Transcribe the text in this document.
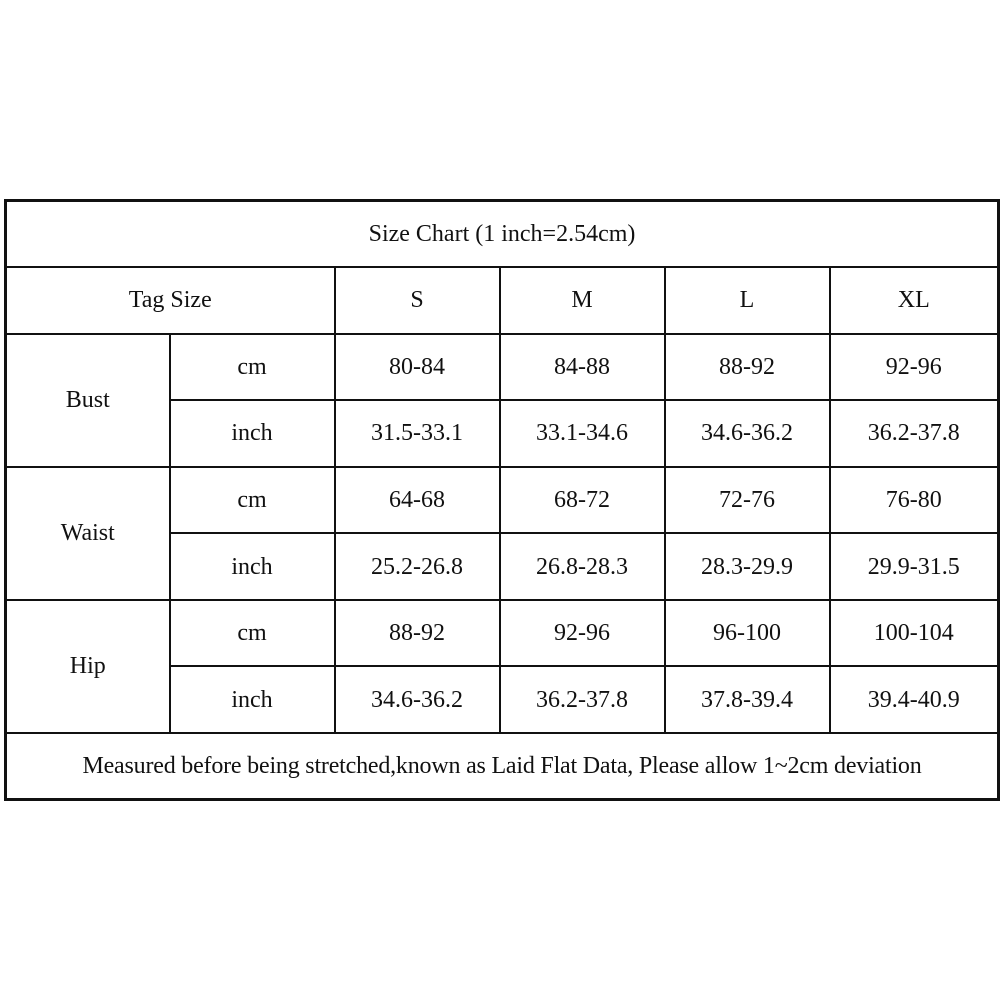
Size Chart (1 inch=2.54cm)					
Tag Size		S	M	L	XL
Bust	cm	80-84	84-88	88-92	92-96
	inch	31.5-33.1	33.1-34.6	34.6-36.2	36.2-37.8
Waist	cm	64-68	68-72	72-76	76-80
	inch	25.2-26.8	26.8-28.3	28.3-29.9	29.9-31.5
Hip	cm	88-92	92-96	96-100	100-104
	inch	34.6-36.2	36.2-37.8	37.8-39.4	39.4-40.9
Measured before being stretched,known as Laid Flat Data, Please allow 1~2cm deviation					
